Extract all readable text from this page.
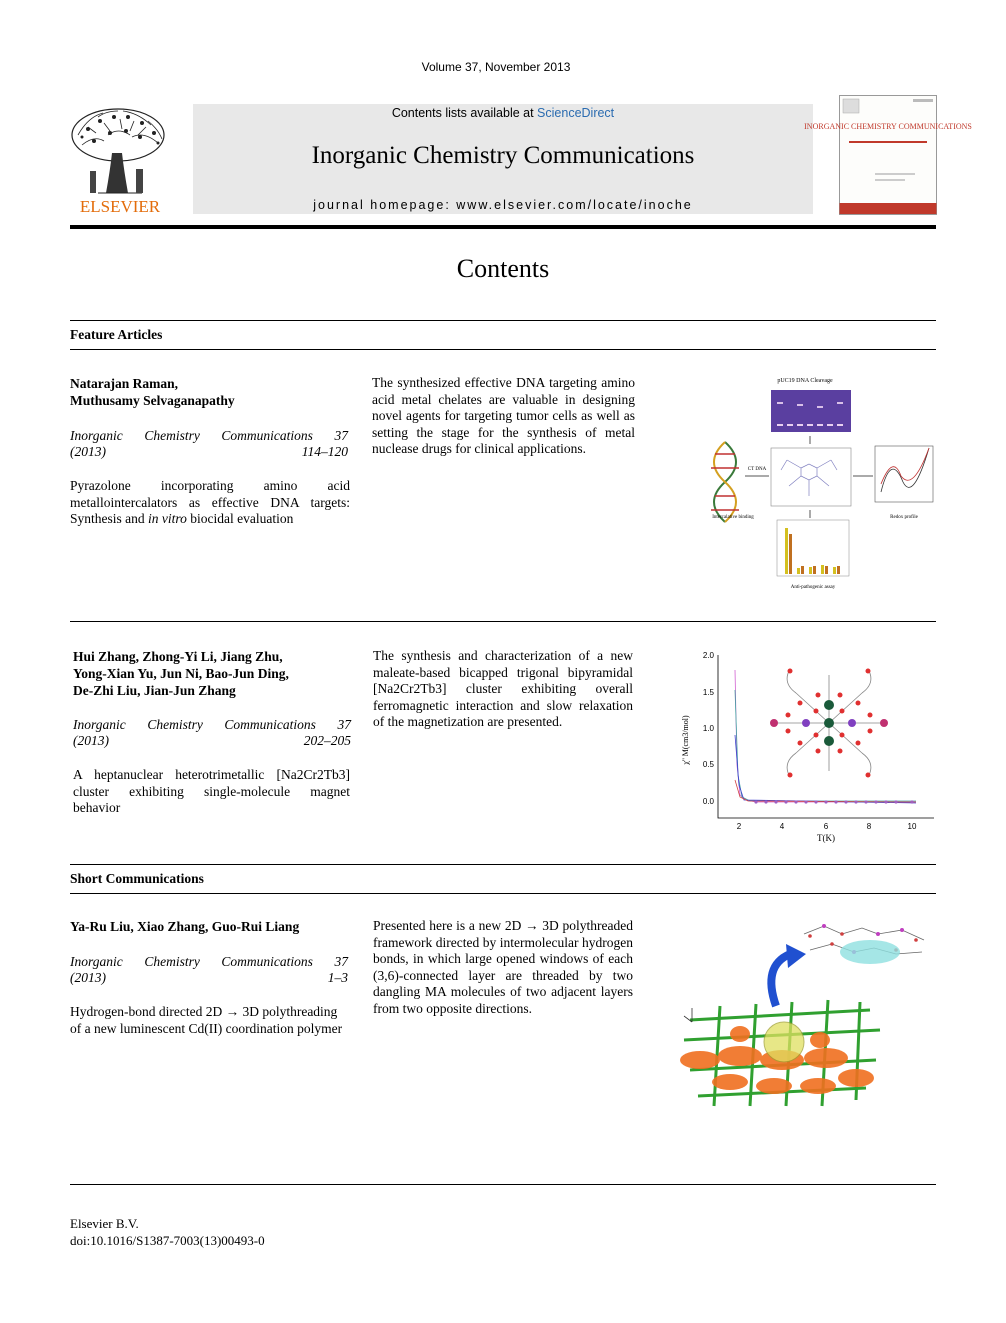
Volume 37, November 2013
ELSEVIER
Contents lists available at ScienceDirect
Inorganic Chemistry Communications
journal homepage: www.elsevier.com/locate/inoche
INORGANIC CHEMISTRY COMMUNICATIONS
Contents
Feature Articles
Natarajan Raman,
Muthusamy Selvaganapathy
Inorganic Chemistry Communications 37
(2013) 114–120
Pyrazolone incorporating amino acid metallointercalators as effective DNA targets: Synthesis and in vitro biocidal evaluation
The synthesized effective DNA targeting amino acid metal chelates are valuable in designing novel agents for targeting tumor cells as well as setting the stage for the synthesis of metal nuclease drugs for clinical applications.
pUC19 DNA Cleavage
CT DNA
Intercalative binding	Redox profile
Anti-pathogenic assay
Hui Zhang, Zhong-Yi Li, Jiang Zhu,
Yong-Xian Yu, Jun Ni, Bao-Jun Ding,
De-Zhi Liu, Jian-Jun Zhang
Inorganic Chemistry Communications 37
(2013) 202–205
A heptanuclear heterotrimetallic [Na2Cr2Tb3] cluster exhibiting single-molecule magnet behavior
The synthesis and characterization of a new maleate-based bicapped trigonal bipyramidal [Na2Cr2Tb3] cluster exhibiting overall ferromagnetic interaction and slow relaxation of the magnetization are presented.
0.0
0.5
1.0
1.5
2.0
2	4	6	8	10
T(K)
χ'' M(cm3/mol)
Short Communications
Ya-Ru Liu, Xiao Zhang, Guo-Rui Liang
Inorganic Chemistry Communications 37
(2013) 1–3
Hydrogen-bond directed 2D → 3D polythreading
of a new luminescent Cd(II) coordination polymer
Presented here is a new 2D → 3D polythreaded framework directed by intermolecular hydrogen bonds, in which large opened windows of each (3,6)-connected layer are threaded by two dangling MA molecules of two adjacent layers from two opposite directions.
Elsevier B.V.
doi:10.1016/S1387-7003(13)00493-0
